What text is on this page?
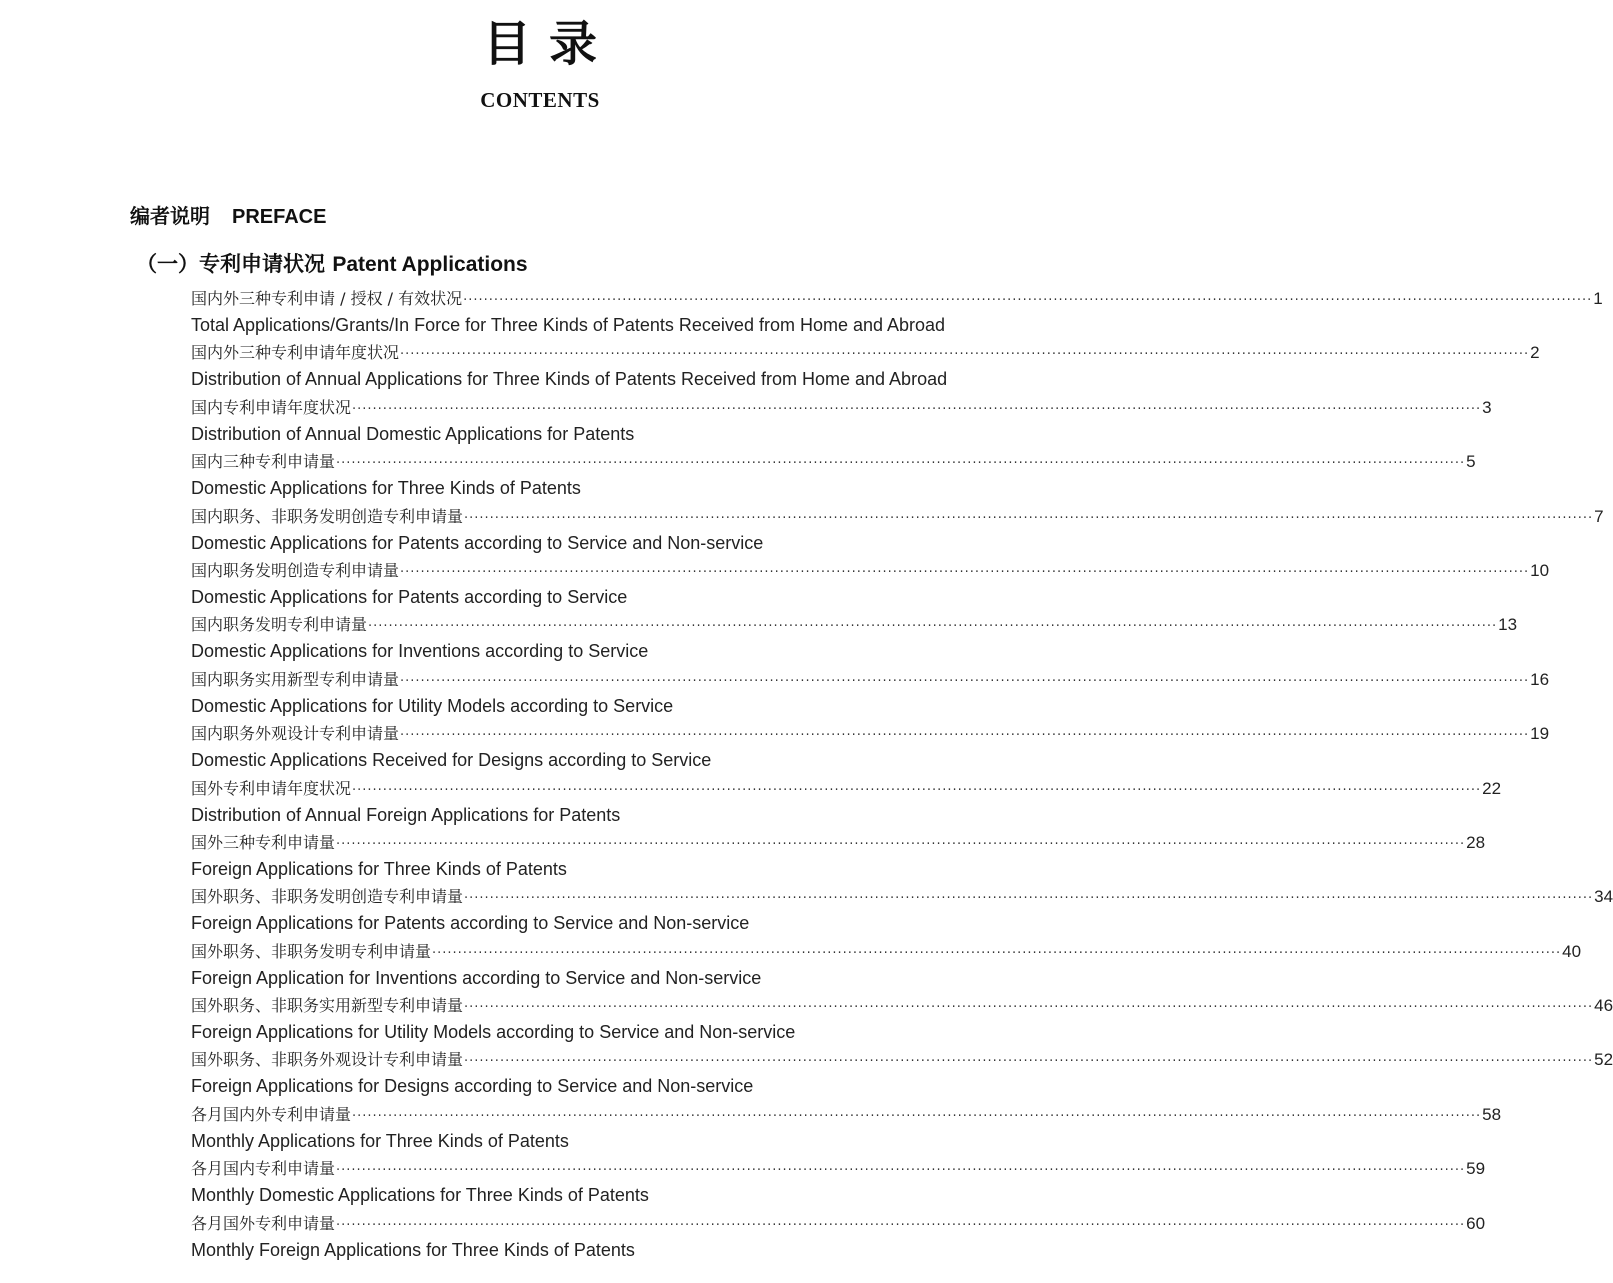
目录
CONTENTS
编者说明 PREFACE
（一）专利申请状况 Patent Applications
国内外三种专利申请 / 授权 / 有效状况 ···························································································································································································································· 1
Total Applications/Grants/In Force for Three Kinds of Patents Received from Home and Abroad
国内外三种专利申请年度状况 ···························································································································································································································· 2
Distribution of Annual Applications for Three Kinds of Patents Received from Home and Abroad
国内专利申请年度状况 ···························································································································································································································· 3
Distribution of Annual Domestic Applications for Patents
国内三种专利申请量 ···························································································································································································································· 5
Domestic Applications for Three Kinds of Patents
国内职务、非职务发明创造专利申请量 ···························································································································································································································· 7
Domestic Applications for Patents according to Service and Non-service
国内职务发明创造专利申请量 ···························································································································································································································· 10
Domestic Applications for Patents according to Service
国内职务发明专利申请量 ···························································································································································································································· 13
Domestic Applications for Inventions according to Service
国内职务实用新型专利申请量 ···························································································································································································································· 16
Domestic Applications for Utility Models according to Service
国内职务外观设计专利申请量 ···························································································································································································································· 19
Domestic Applications Received for Designs according to Service
国外专利申请年度状况 ···························································································································································································································· 22
Distribution of Annual Foreign Applications for Patents
国外三种专利申请量 ···························································································································································································································· 28
Foreign Applications for Three Kinds of Patents
国外职务、非职务发明创造专利申请量 ···························································································································································································································· 34
Foreign Applications for Patents according to Service and Non-service
国外职务、非职务发明专利申请量 ···························································································································································································································· 40
Foreign Application for Inventions according to Service and Non-service
国外职务、非职务实用新型专利申请量 ···························································································································································································································· 46
Foreign Applications for Utility Models according to Service and Non-service
国外职务、非职务外观设计专利申请量 ···························································································································································································································· 52
Foreign Applications for Designs according to Service and Non-service
各月国内外专利申请量 ···························································································································································································································· 58
Monthly Applications for Three Kinds of Patents
各月国内专利申请量 ···························································································································································································································· 59
Monthly Domestic Applications for Three Kinds of Patents
各月国外专利申请量 ···························································································································································································································· 60
Monthly Foreign Applications for Three Kinds of Patents
